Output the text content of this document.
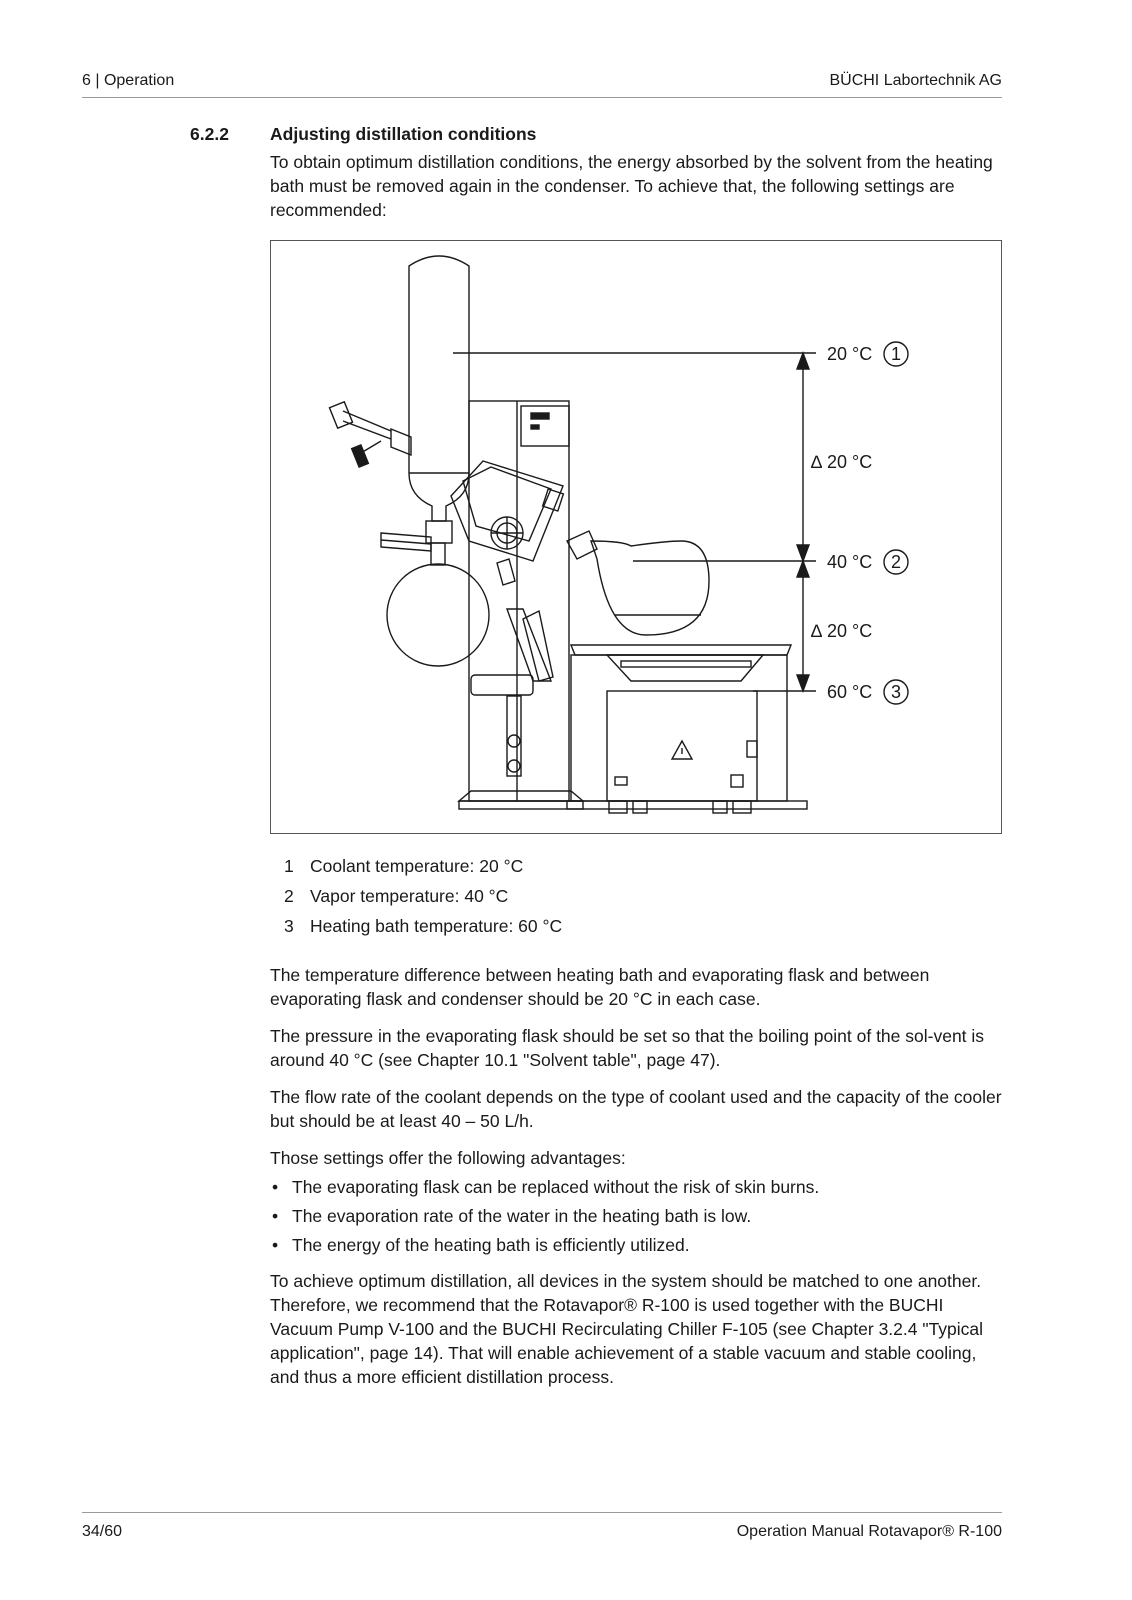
6 | Operation	BÜCHI Labortechnik AG
6.2.2 Adjusting distillation conditions

To obtain optimum distillation conditions, the energy absorbed by the solvent from the heating bath must be removed again in the condenser. To achieve that, the following settings are recommended:

20 °C 1
∆ 20 °C
40 °C 2
∆ 20 °C
60 °C 3
1 Coolant temperature: 20 °C
2 Vapor temperature: 40 °C
3 Heating bath temperature: 60 °C

The temperature difference between heating bath and evaporating flask and between evaporating flask and condenser should be 20 °C in each case.

The pressure in the evaporating flask should be set so that the boiling point of the sol-vent is around 40 °C (see Chapter 10.1 "Solvent table", page 47).

The flow rate of the coolant depends on the type of coolant used and the capacity of the cooler but should be at least 40 – 50 L/h.

Those settings offer the following advantages:

• The evaporating flask can be replaced without the risk of skin burns.
• The evaporation rate of the water in the heating bath is low.
• The energy of the heating bath is efficiently utilized.

To achieve optimum distillation, all devices in the system should be matched to one another. Therefore, we recommend that the Rotavapor® R-100 is used together with the BUCHI Vacuum Pump V-100 and the BUCHI Recirculating Chiller F-105 (see Chapter 3.2.4 "Typical application", page 14). That will enable achievement of a stable vacuum and stable cooling, and thus a more efficient distillation process.

34/60	Operation Manual Rotavapor® R-100
